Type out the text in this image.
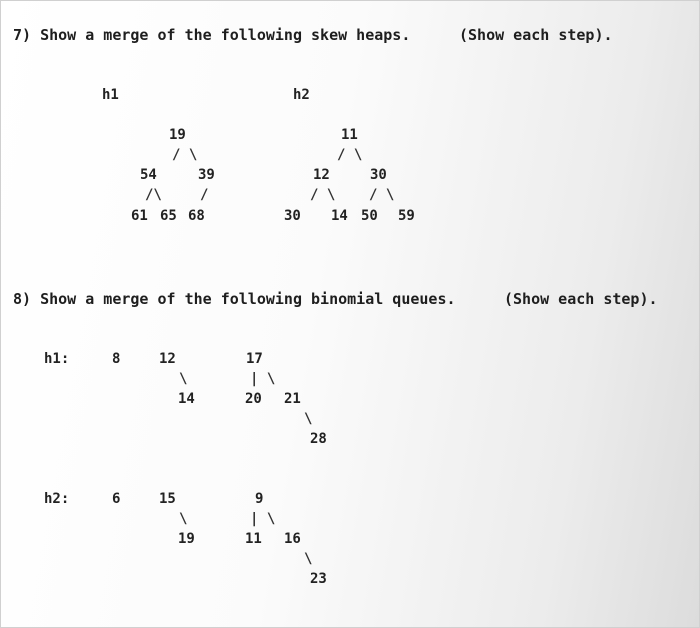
7) Show a merge of the following skew heaps.	(Show each step).
h1	h2
19
/ \
54	39
/\	/
61 65 68
11
/ \
12	30
/ \ / \
30 14 50 59
8) Show a merge of the following binomial queues.	(Show each step).
h1:	8	12
\
14
17
| \
20 21
\
28
h2:	6	15
\
19
9
| \
11 16
\
23
